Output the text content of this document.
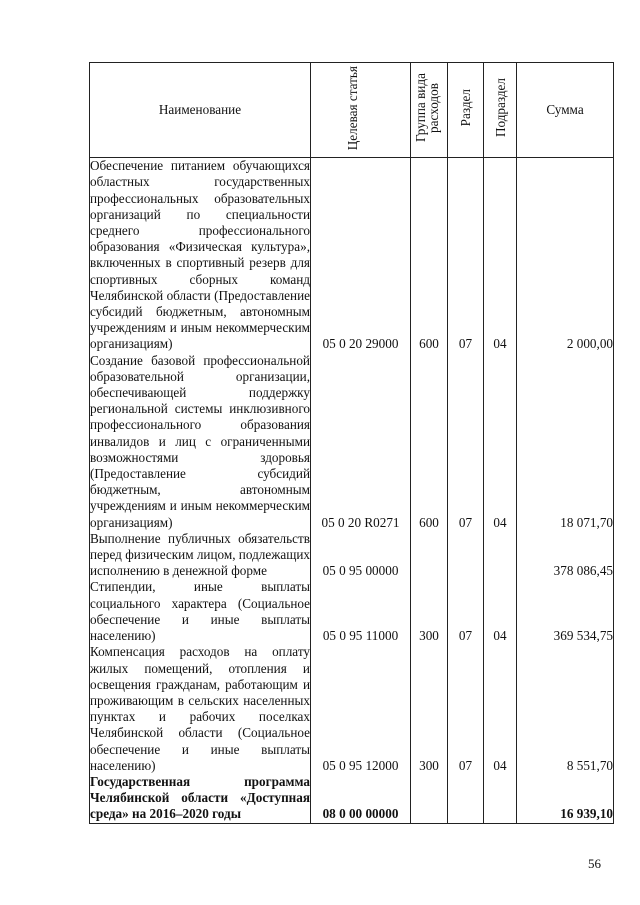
Наименование	Целевая статья	Группа вида расходов	Раздел	Подраздел	Сумма

Обеспечение питанием обучающихся областных государственных профессиональных образовательных организаций по специальности среднего профессионального образования «Физическая культура», включенных в спортивный резерв для спортивных сборных команд Челябинской области (Предоставление субсидий бюджетным, автономным учреждениям и иным некоммерческим организациям)	05 0 20 29000	600	07	04	2 000,00

Создание базовой профессиональной образовательной организации, обеспечивающей поддержку региональной системы инклюзивного профессионального образования инвалидов и лиц с ограниченными возможностями здоровья (Предоставление субсидий бюджетным, автономным учреждениям и иным некоммерческим организациям)	05 0 20 R0271	600	07	04	18 071,70

Выполнение публичных обязательств перед физическим лицом, подлежащих исполнению в денежной форме	05 0 95 00000				378 086,45

Стипендии, иные выплаты социального характера (Социальное обеспечение и иные выплаты населению)	05 0 95 11000	300	07	04	369 534,75

Компенсация расходов на оплату жилых помещений, отопления и освещения гражданам, работающим и проживающим в сельских населенных пунктах и рабочих поселках Челябинской области (Социальное обеспечение и иные выплаты населению)	05 0 95 12000	300	07	04	8 551,70

Государственная программа Челябинской области «Доступная среда» на 2016–2020 годы	08 0 00 00000				16 939,10
56
